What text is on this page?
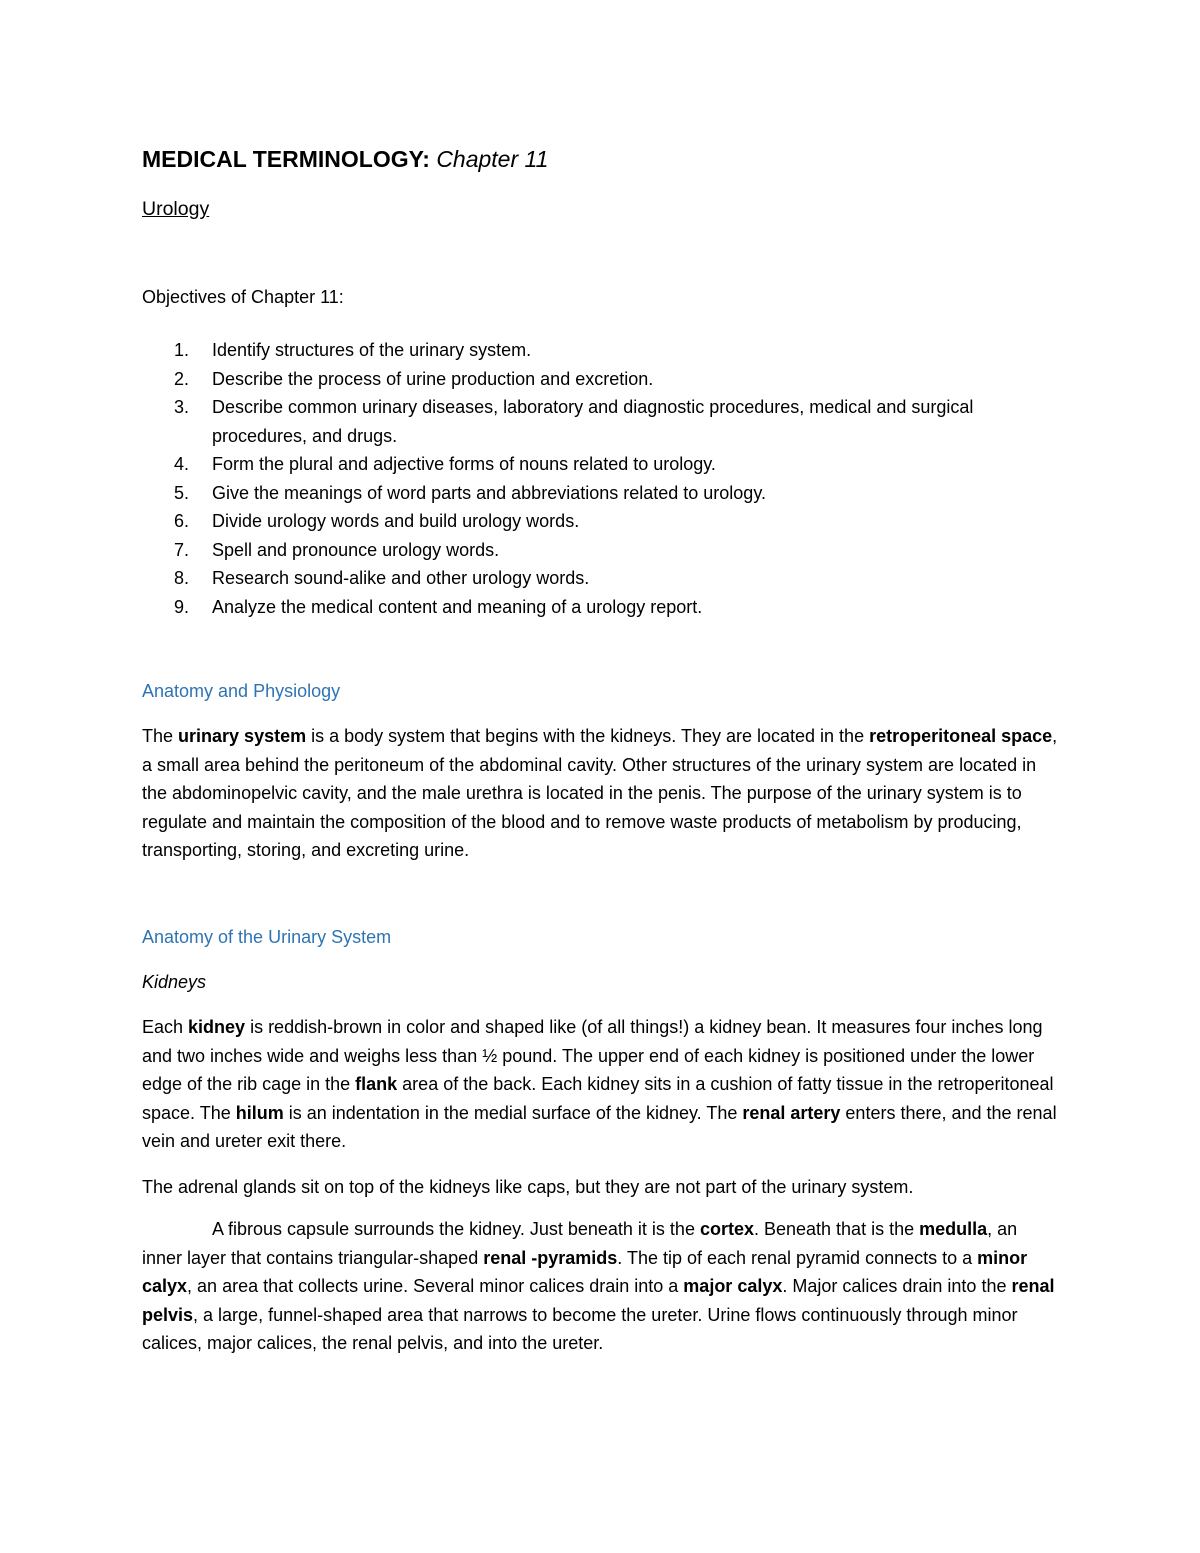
MEDICAL TERMINOLOGY: Chapter 11
Urology
Objectives of Chapter 11:
1. Identify structures of the urinary system.
2. Describe the process of urine production and excretion.
3. Describe common urinary diseases, laboratory and diagnostic procedures, medical and surgical procedures, and drugs.
4. Form the plural and adjective forms of nouns related to urology.
5. Give the meanings of word parts and abbreviations related to urology.
6. Divide urology words and build urology words.
7. Spell and pronounce urology words.
8. Research sound-alike and other urology words.
9. Analyze the medical content and meaning of a urology report.
Anatomy and Physiology
The urinary system is a body system that begins with the kidneys. They are located in the retroperitoneal space, a small area behind the peritoneum of the abdominal cavity. Other structures of the urinary system are located in the abdominopelvic cavity, and the male urethra is located in the penis. The purpose of the urinary system is to regulate and maintain the composition of the blood and to remove waste products of metabolism by producing, transporting, storing, and excreting urine.
Anatomy of the Urinary System
Kidneys
Each kidney is reddish-brown in color and shaped like (of all things!) a kidney bean. It measures four inches long and two inches wide and weighs less than ½ pound. The upper end of each kidney is positioned under the lower edge of the rib cage in the flank area of the back. Each kidney sits in a cushion of fatty tissue in the retroperitoneal space. The hilum is an indentation in the medial surface of the kidney. The renal artery enters there, and the renal vein and ureter exit there.
The adrenal glands sit on top of the kidneys like caps, but they are not part of the urinary system.
A fibrous capsule surrounds the kidney. Just beneath it is the cortex. Beneath that is the medulla, an inner layer that contains triangular-shaped renal -pyramids. The tip of each renal pyramid connects to a minor calyx, an area that collects urine. Several minor calices drain into a major calyx. Major calices drain into the renal pelvis, a large, funnel-shaped area that narrows to become the ureter. Urine flows continuously through minor calices, major calices, the renal pelvis, and into the ureter.
